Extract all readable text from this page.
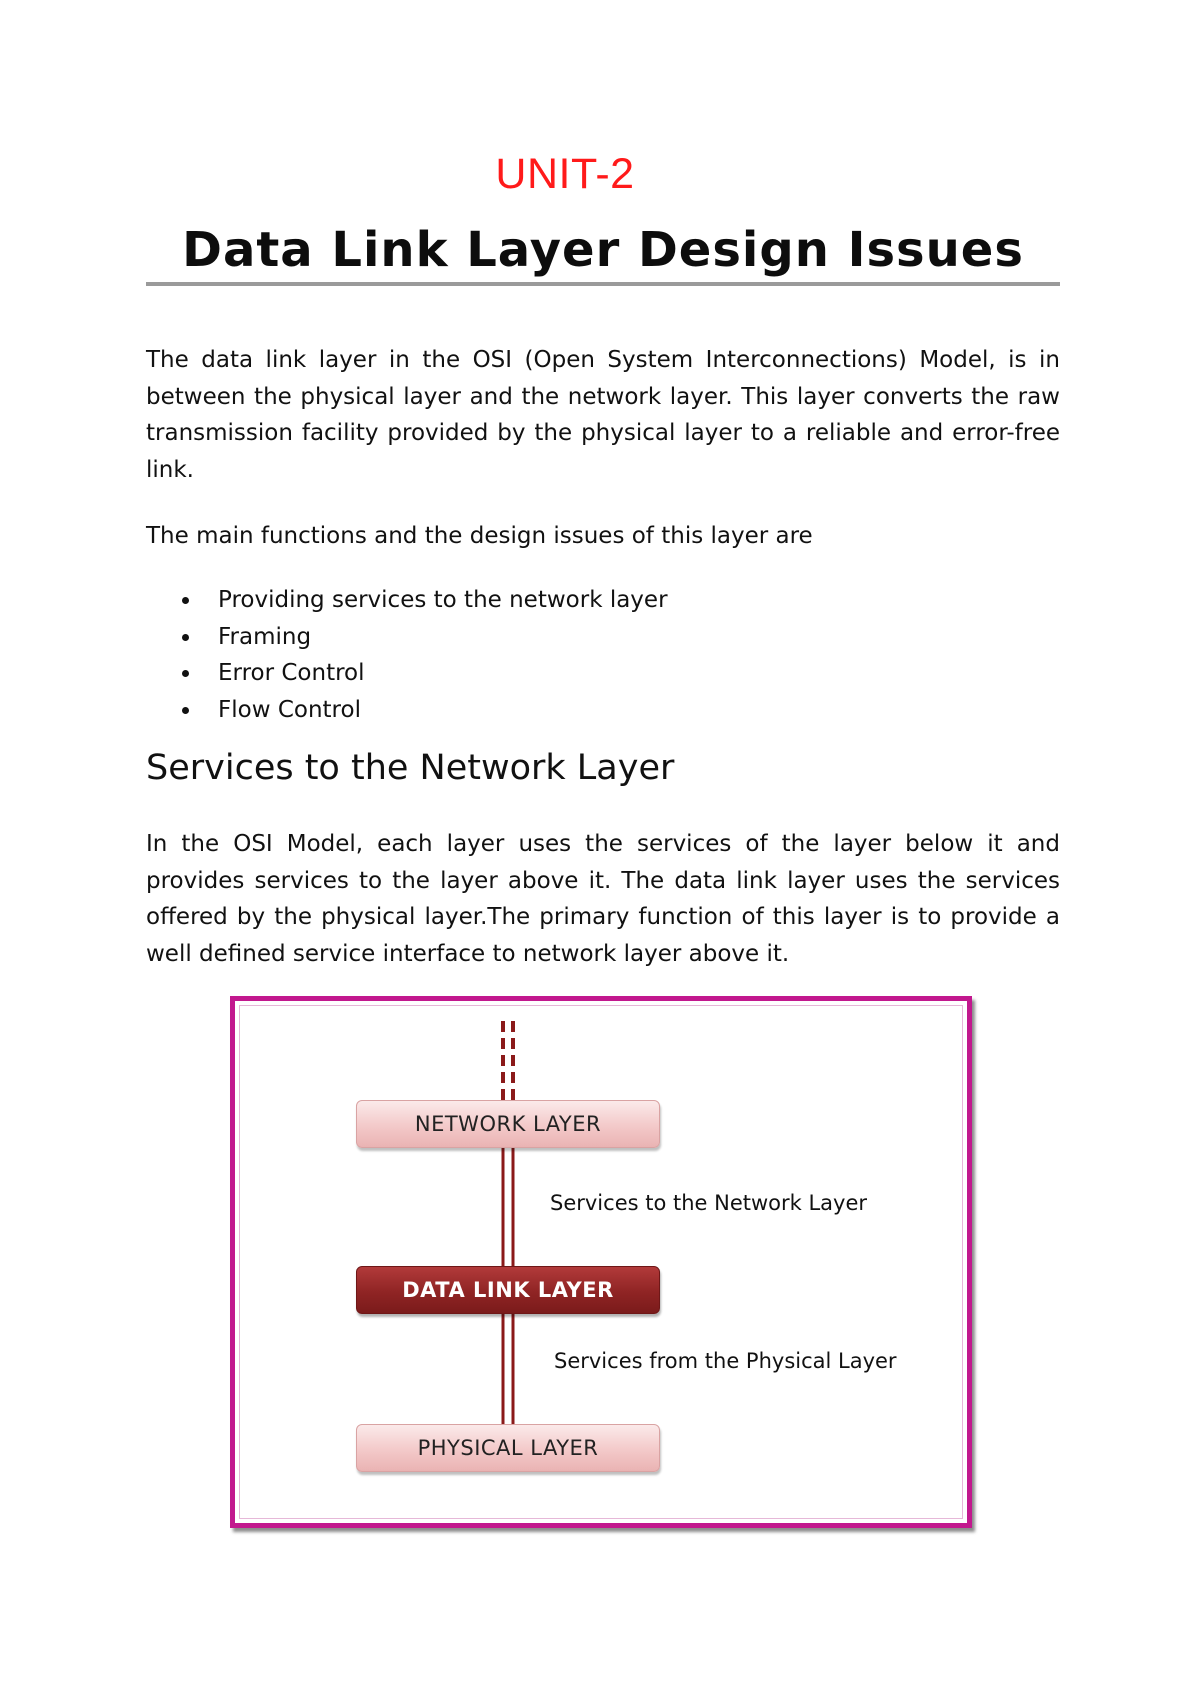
UNIT-2
Data Link Layer Design Issues

The data link layer in the OSI (Open System Interconnections) Model, is in between the physical layer and the network layer. This layer converts the raw transmission facility provided by the physical layer to a reliable and error-free link.

The main functions and the design issues of this layer are

Providing services to the network layer
Framing
Error Control
Flow Control
Services to the Network Layer

In the OSI Model, each layer uses the services of the layer below it and provides services to the layer above it. The data link layer uses the services offered by the physical layer.The primary function of this layer is to provide a well defined service interface to network layer above it.

NETWORK LAYER
Services to the Network Layer
DATA LINK LAYER
Services from the Physical Layer
PHYSICAL LAYER
